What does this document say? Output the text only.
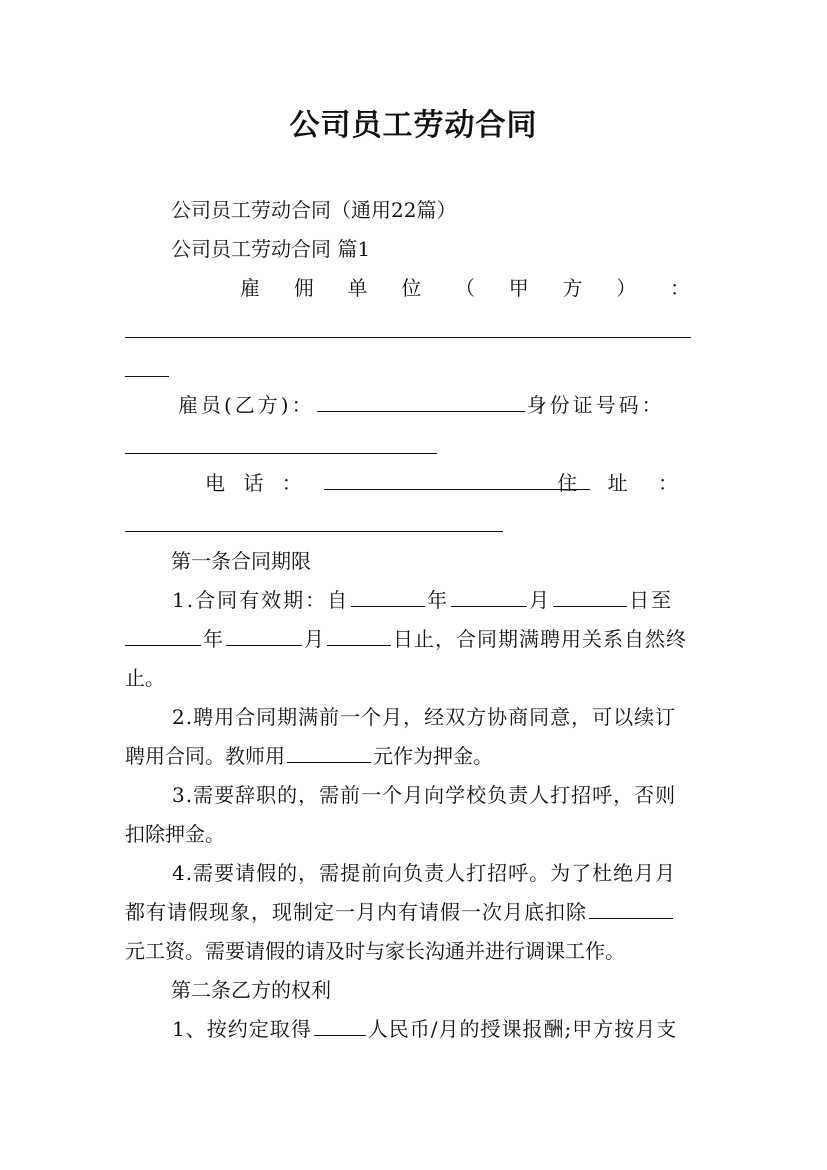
公司员工劳动合同
公司员工劳动合同（通用22篇）
公司员工劳动合同 篇1
雇 佣 单 位 （ 甲 方 ） ：
雇员(乙方)：	身份证号码：
电 话 ：	住 址 ：
第一条合同期限
1.合同有效期：自	年	月	日至
年	月	日止，合同期满聘用关系自然终
止。
2.聘用合同期满前一个月，经双方协商同意，可以续订
聘用合同。教师用	元作为押金。
3.需要辞职的，需前一个月向学校负责人打招呼，否则
扣除押金。
4.需要请假的，需提前向负责人打招呼。为了杜绝月月
都有请假现象，现制定一月内有请假一次月底扣除
元工资。需要请假的请及时与家长沟通并进行调课工作。
第二条乙方的权利
1、按约定取得	人民币/月的授课报酬;甲方按月支
